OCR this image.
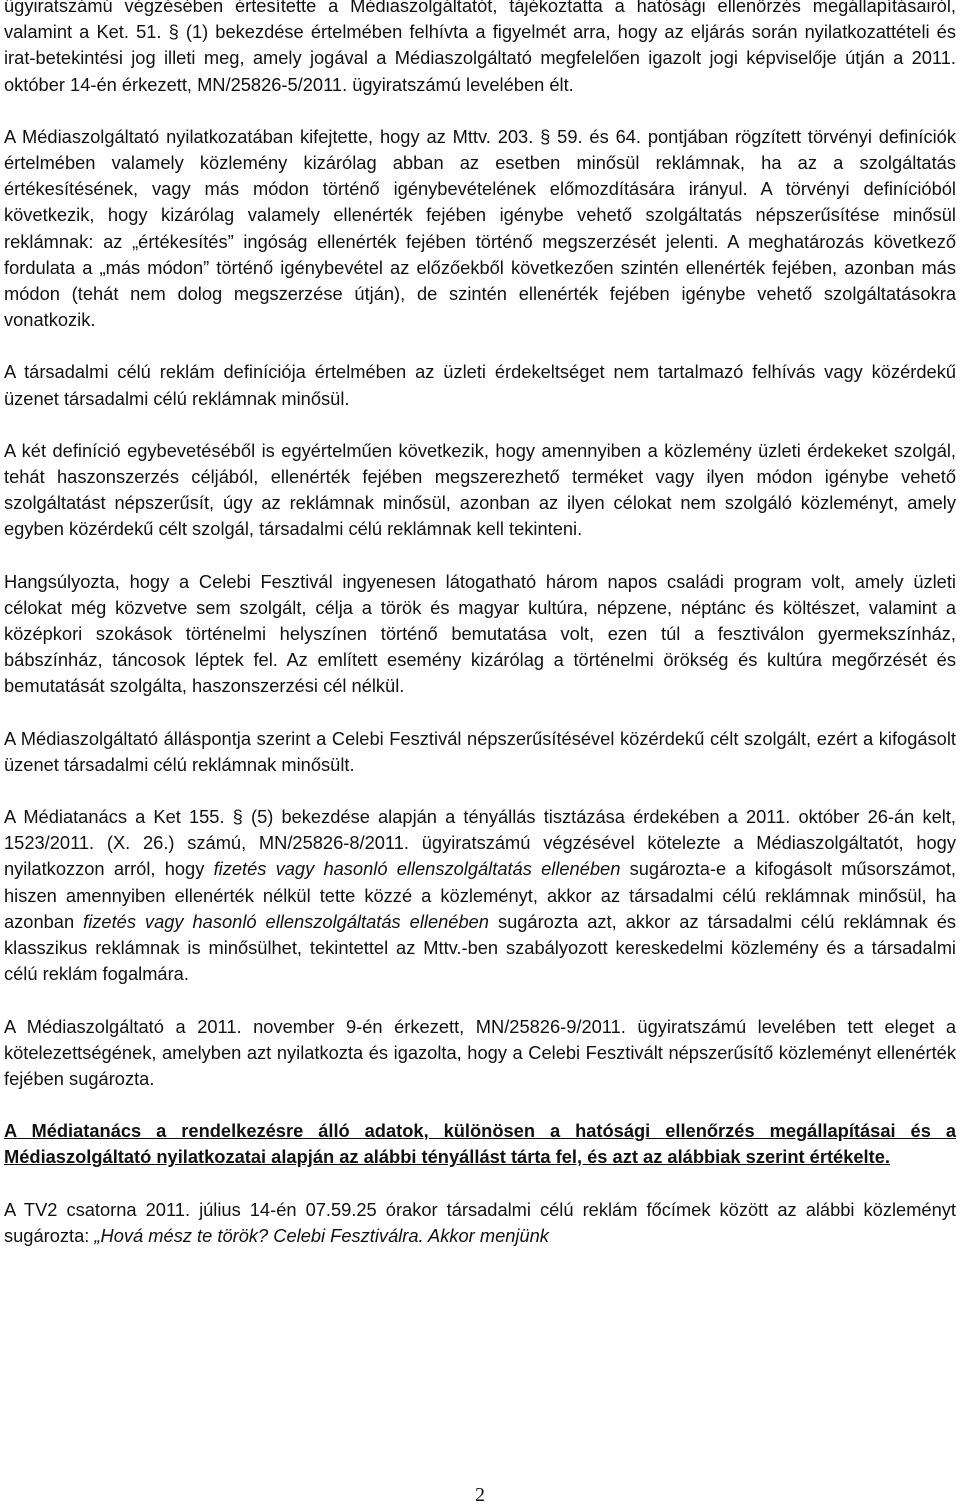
ügyiratszámú végzésében értesítette a Médiaszolgáltatót, tájékoztatta a hatósági ellenőrzés megállapításairól, valamint a Ket. 51. § (1) bekezdése értelmében felhívta a figyelmét arra, hogy az eljárás során nyilatkozattételi és irat-betekintési jog illeti meg, amely jogával a Médiaszolgáltató megfelelően igazolt jogi képviselője útján a 2011. október 14-én érkezett, MN/25826-5/2011. ügyiratszámú levelében élt.

A Médiaszolgáltató nyilatkozatában kifejtette, hogy az Mttv. 203. § 59. és 64. pontjában rögzített törvényi definíciók értelmében valamely közlemény kizárólag abban az esetben minősül reklámnak, ha az a szolgáltatás értékesítésének, vagy más módon történő igénybevételének előmozdítására irányul. A törvényi definícióból következik, hogy kizárólag valamely ellenérték fejében igénybe vehető szolgáltatás népszerűsítése minősül reklámnak: az „értékesítés” ingóság ellenérték fejében történő megszerzését jelenti. A meghatározás következő fordulata a „más módon” történő igénybevétel az előzőekből következően szintén ellenérték fejében, azonban más módon (tehát nem dolog megszerzése útján), de szintén ellenérték fejében igénybe vehető szolgáltatásokra vonatkozik.

A társadalmi célú reklám definíciója értelmében az üzleti érdekeltséget nem tartalmazó felhívás vagy közérdekű üzenet társadalmi célú reklámnak minősül.

A két definíció egybevetéséből is egyértelműen következik, hogy amennyiben a közlemény üzleti érdekeket szolgál, tehát haszonszerzés céljából, ellenérték fejében megszerezhető terméket vagy ilyen módon igénybe vehető szolgáltatást népszerűsít, úgy az reklámnak minősül, azonban az ilyen célokat nem szolgáló közleményt, amely egyben közérdekű célt szolgál, társadalmi célú reklámnak kell tekinteni.

Hangsúlyozta, hogy a Celebi Fesztivál ingyenesen látogatható három napos családi program volt, amely üzleti célokat még közvetve sem szolgált, célja a török és magyar kultúra, népzene, néptánc és költészet, valamint a középkori szokások történelmi helyszínen történő bemutatása volt, ezen túl a fesztiválon gyermekszínház, bábszínház, táncosok léptek fel. Az említett esemény kizárólag a történelmi örökség és kultúra megőrzését és bemutatását szolgálta, haszonszerzési cél nélkül.

A Médiaszolgáltató álláspontja szerint a Celebi Fesztivál népszerűsítésével közérdekű célt szolgált, ezért a kifogásolt üzenet társadalmi célú reklámnak minősült.

A Médiatanács a Ket 155. § (5) bekezdése alapján a tényállás tisztázása érdekében a 2011. október 26-án kelt, 1523/2011. (X. 26.) számú, MN/25826-8/2011. ügyiratszámú végzésével kötelezte a Médiaszolgáltatót, hogy nyilatkozzon arról, hogy fizetés vagy hasonló ellenszolgáltatás ellenében sugározta-e a kifogásolt műsorszámot, hiszen amennyiben ellenérték nélkül tette közzé a közleményt, akkor az társadalmi célú reklámnak minősül, ha azonban fizetés vagy hasonló ellenszolgáltatás ellenében sugározta azt, akkor az társadalmi célú reklámnak és klasszikus reklámnak is minősülhet, tekintettel az Mttv.-ben szabályozott kereskedelmi közlemény és a társadalmi célú reklám fogalmára.

A Médiaszolgáltató a 2011. november 9-én érkezett, MN/25826-9/2011. ügyiratszámú levelében tett eleget a kötelezettségének, amelyben azt nyilatkozta és igazolta, hogy a Celebi Fesztivált népszerűsítő közleményt ellenérték fejében sugározta.

A Médiatanács a rendelkezésre álló adatok, különösen a hatósági ellenőrzés megállapításai és a Médiaszolgáltató nyilatkozatai alapján az alábbi tényállást tárta fel, és azt az alábbiak szerint értékelte.

A TV2 csatorna 2011. július 14-én 07.59.25 órakor társadalmi célú reklám főcímek között az alábbi közleményt sugározta: „Hová mész te török? Celebi Fesztiválra. Akkor menjünk

2
